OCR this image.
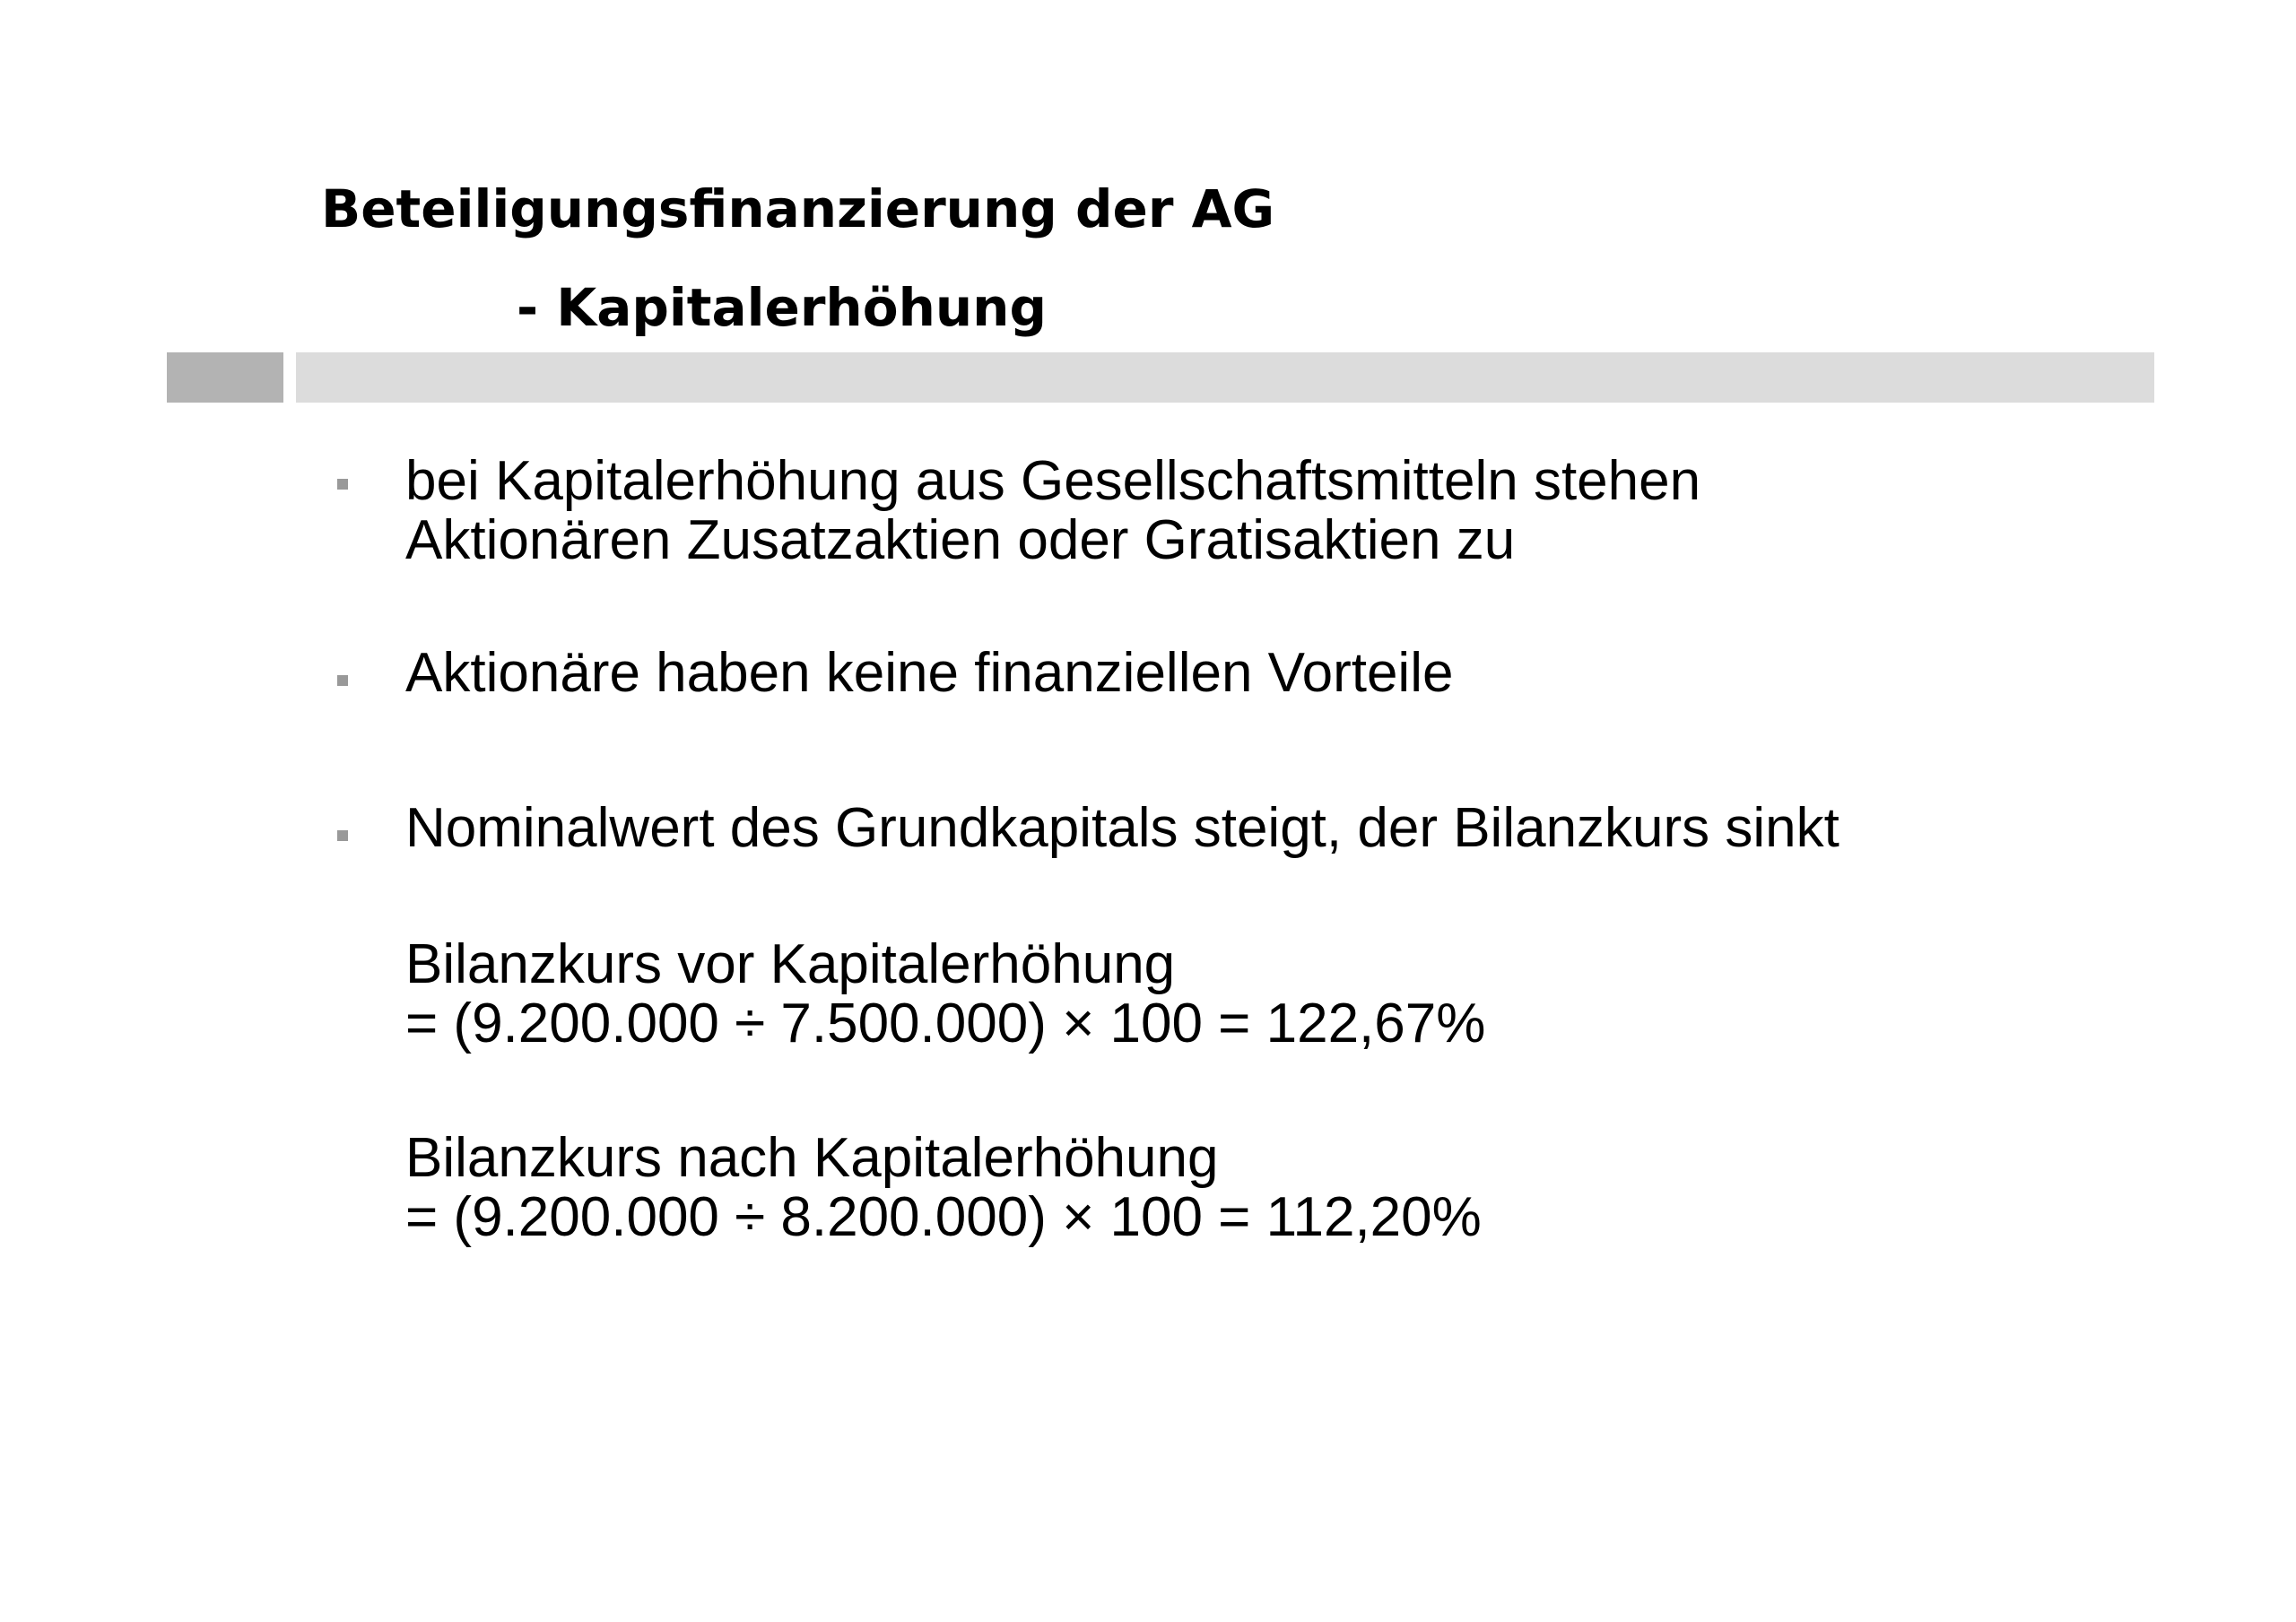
Beteiligungsfinanzierung der AG
- Kapitalerhöhung
bei Kapitalerhöhung aus Gesellschaftsmitteln stehen
Aktionären Zusatzaktien oder Gratisaktien zu
Aktionäre haben keine finanziellen Vorteile
Nominalwert des Grundkapitals steigt, der Bilanzkurs sinkt
Bilanzkurs vor Kapitalerhöhung
= (9.200.000 ÷ 7.500.000) × 100 = 122,67%
Bilanzkurs nach Kapitalerhöhung
= (9.200.000 ÷ 8.200.000) × 100 = 112,20%
